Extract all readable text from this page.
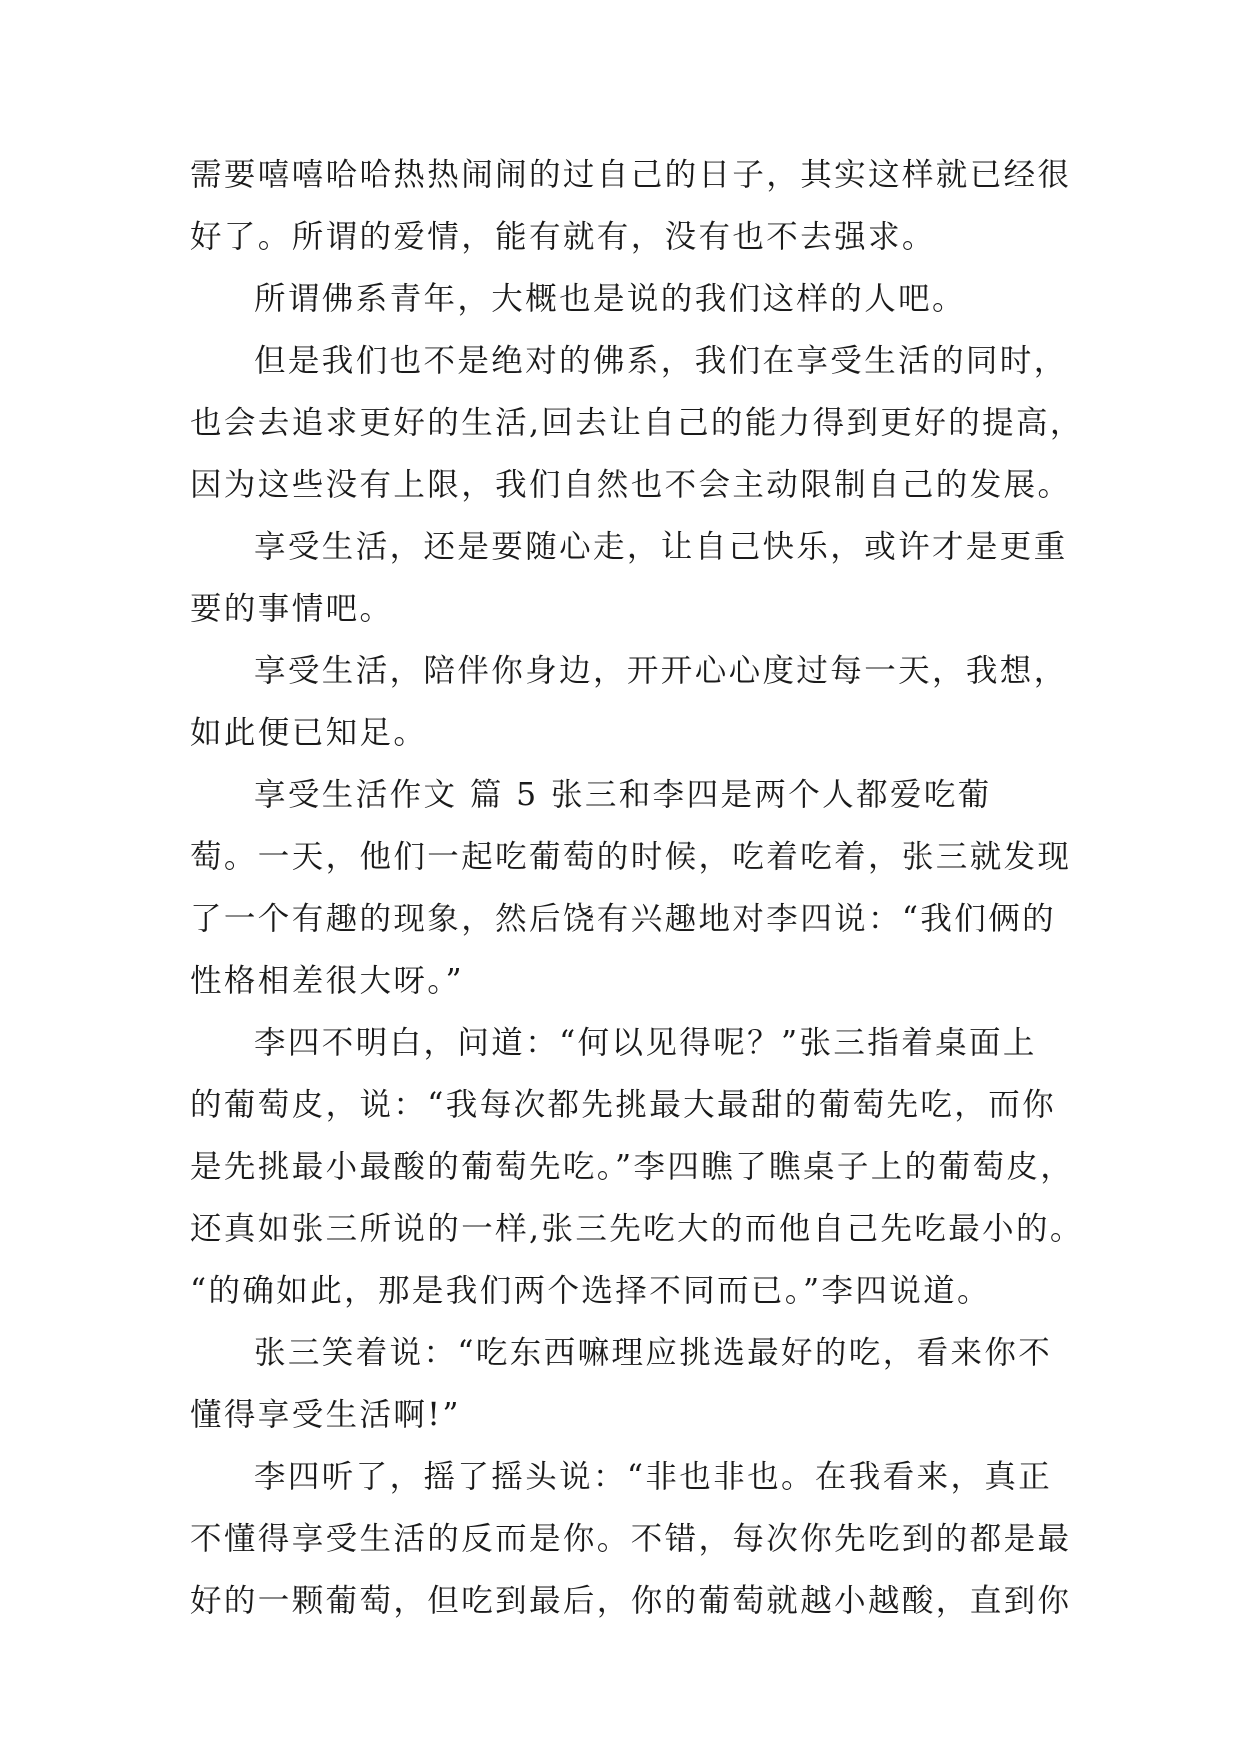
需要嘻嘻哈哈热热闹闹的过自己的日子，其实这样就已经很
好了。所谓的爱情，能有就有，没有也不去强求。
所谓佛系青年，大概也是说的我们这样的人吧。
但是我们也不是绝对的佛系，我们在享受生活的同时，
也会去追求更好的生活,回去让自己的能力得到更好的提高，
因为这些没有上限，我们自然也不会主动限制自己的发展。
享受生活，还是要随心走，让自己快乐，或许才是更重
要的事情吧。
享受生活，陪伴你身边，开开心心度过每一天，我想，
如此便已知足。
享受生活作文 篇 5 张三和李四是两个人都爱吃葡
萄。一天，他们一起吃葡萄的时候，吃着吃着，张三就发现
了一个有趣的现象，然后饶有兴趣地对李四说：“我们俩的
性格相差很大呀。”
李四不明白，问道：“何以见得呢？”张三指着桌面上
的葡萄皮，说：“我每次都先挑最大最甜的葡萄先吃，而你
是先挑最小最酸的葡萄先吃。”李四瞧了瞧桌子上的葡萄皮，
还真如张三所说的一样,张三先吃大的而他自己先吃最小的。
“的确如此，那是我们两个选择不同而已。”李四说道。
张三笑着说：“吃东西嘛理应挑选最好的吃，看来你不
懂得享受生活啊!”
李四听了，摇了摇头说：“非也非也。在我看来，真正
不懂得享受生活的反而是你。不错，每次你先吃到的都是最
好的一颗葡萄，但吃到最后，你的葡萄就越小越酸，直到你
